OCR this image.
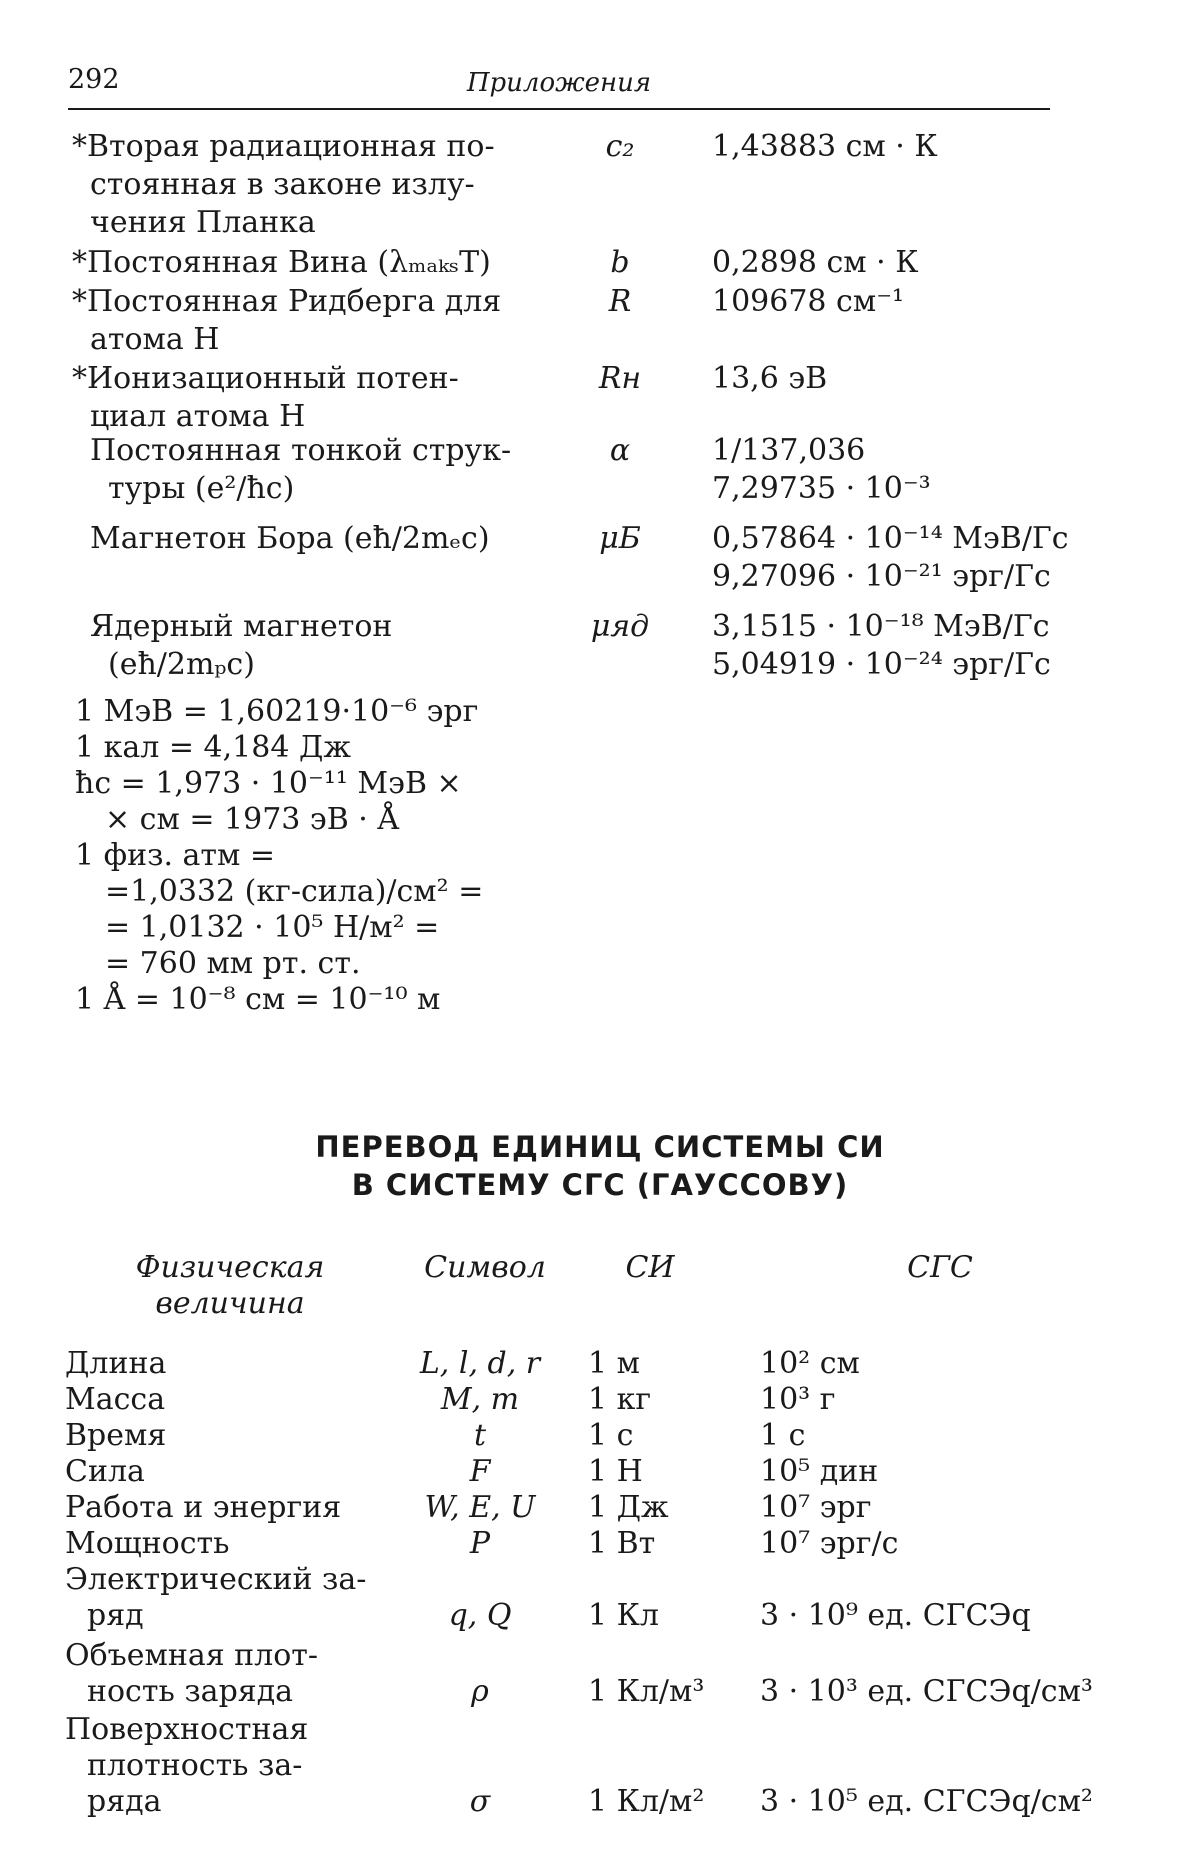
292	Приложения
*Вторая радиационная по-
стоянная в законе излу-
чения Планка
c₂	1,43883 см · К
*Постоянная Вина (λₘₐₖₛT)	b	0,2898 см · К
*Постоянная Ридберга для
атома H
R	109678 см⁻¹
*Ионизационный потен-
циал атома H
Rн	13,6 эВ
Постоянная тонкой струк-
туры (e²/ħc)
α	1/137,036
7,29735 · 10⁻³
Магнетон Бора (eħ/2mₑc)	μБ	0,57864 · 10⁻¹⁴ МэВ/Гс
9,27096 · 10⁻²¹ эрг/Гс
Ядерный магнетон
(eħ/2mₚc)
μяд 3,1515 · 10⁻¹⁸ МэВ/Гс
5,04919 · 10⁻²⁴ эрг/Гс
1 МэВ = 1,60219·10⁻⁶ эрг
1 кал = 4,184 Дж
ħc = 1,973 · 10⁻¹¹ МэВ ×
× см = 1973 эВ · Å
1 физ. атм =
=1,0332 (кг-сила)/см² =
= 1,0132 · 10⁵ Н/м² =
= 760 мм рт. ст.
1 Å = 10⁻⁸ см = 10⁻¹⁰ м
ПЕРЕВОД ЕДИНИЦ СИСТЕМЫ СИ
В СИСТЕМУ СГС (ГАУССОВУ)
Физическая
величина
Символ	СИ	СГС
Длина	L, l, d, r	1 м	10² см
Масса	M, m	1 кг	10³ г
Время	t	1 с	1 с
Сила	F	1 Н	10⁵ дин
Работа и энергия	W, E, U	1 Дж	10⁷ эрг
Мощность	P	1 Вт	10⁷ эрг/с
Электрический за-
ряд	q, Q	1 Кл	3 · 10⁹ ед. СГСЭq
Объемная плот-
ность заряда	ρ	1 Кл/м³	3 · 10³ ед. СГСЭq/см³
Поверхностная
плотность за-
ряда	σ	1 Кл/м²	3 · 10⁵ ед. СГСЭq/см²
